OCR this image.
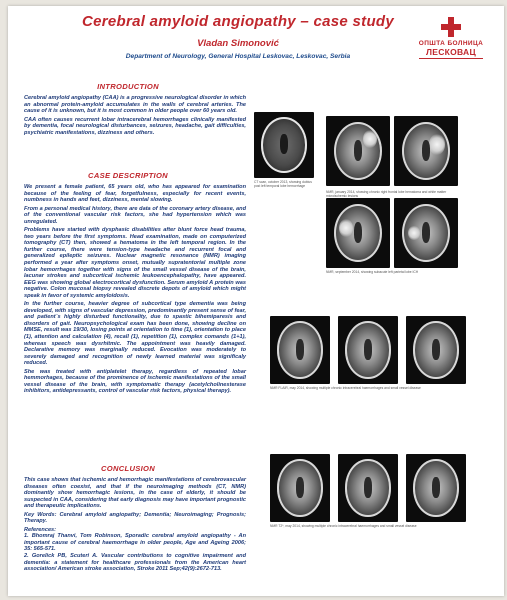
Cerebral amyloid angiopathy – case study
Vladan Simonović
Department of Neurology, General Hospital Leskovac, Leskovac, Serbia
ОПШТА БОЛНИЦА
ЛЕСКОВАЦ
INTRODUCTION

Cerebral amyloid angiopathy (CAA) is a progressive neurological disorder in which an abnormal protein-amyloid accumulates in the walls of cerebral arteries. The cause of it is unknown, but it is most common in older people over 60 years old.

CAA often causes recurrent lobar intracerebral hemorrhages clinically manifested by dementia, focal neurological disturbances, seizures, headache, gait difficulties, psychiatric manifestations, dizziness and others.

CASE DESCRIPTION

We present a female patient, 65 years old, who has appeared for examination because of the feeling of fear, forgetfulness, especially for recent events, numbness in hands and feet, dizziness, mental slowing.

From a personal medical history, there are data of the coronary artery disease, and of the conventional vascular risk factors, she had hypertension which was unregulated.

Problems have started with dysphasic disabilities after blunt force head trauma, two years before the first symptoms. Head examination, made on computerized tomography (CT) then, showed a hematoma in the left temporal region. In the further course, there were tension-type headache and recurrent focal and generalized epileptic seizures. Nuclear magnetic resonance (NMR) imaging performed a year after symptoms onset, mutually supratentorial multiple zone lobar hemorrhages together with signs of the small vessel disease of the brain, lacunar strokes and subcortical ischemic leukoencephalopathy, have appeared. EEG was showing global electrocortical dysfunction. Serum amyloid A protein was negative. Colon mucosal biopsy revealed discrete depots of amyloid which might speak in favor of systemic amyloidosis.

In the further course, heavier degree of subcortical type dementia was being developed, with signs of vascular depression, predominantly present sense of fear, and patient´s highly disturbed functionality, due to spastic bihemiparesis and disorders of gait. Neuropsychological exam has been done, showing decline on MMSE, result was 19/30, losing points at orientation to time (1), orientation to place (1), attention and calculation (4), recall (1), repetition (1), complex comands (1+1), whereas speech was dysrhitmic. The appointment was heavily damaged. Declarative memory was marginally reduced. Evocation was moderately to severely damaged and recognition of newly learned material was significaly reduced.

She was treated with antiplatelet therapy, regardless of repeated lobar hemmorhages, because of the prominence of ischemic manifestations of the small vessel disease of the brain, with symptomatic therapy (acetylcholinesterase inhibitors, antidepressants, control of vascular risk factors, physical therapy).

CONCLUSION

This case shows that ischemic and hemorrhagic manifestations of cerebrovascular diseases often coexist, and that if the neuroimaging methods (CT, NMR) dominantly show hemorrhagic lesions, in the case of elderly, it should be suspected in CAA, considering that early diagnosis may have important prognostic and therapeutic implications.

Key Words: Cerebral amyloid angiopathy; Dementia; Neuroimaging; Prognosis; Therapy.

References:

1. Bhomraj Thanvi, Tom Robinson, Sporadic cerebral amyloid angiopathy - An important cause of cerebral haemorrhage in older people, Age and Ageing 2006; 35: 565-571.

2. Gorelick PB, Scuteri A. Vascular contributions to cognitive impairment and dementia: a statement for healthcare professionals from the American heart association/ American stroke association, Stroke 2011 Sep;42(9):2672-713.

CT scan, october 2013, showing dubius post left temporal lobe hemorrhage
NMR, january 2014, showing chronic right frontal lobe hematoma and white matter microischemic lesions
NMR, september 2014, showing subacute left parietal lobe ICH
NMR FLAIR, may 2014, showing multiple chronic intracerebral haemorrhages and small vessel disease
NMR T2*, may 2014, showing multiple chronic intracerebral haemorrhages and small vessel disease
